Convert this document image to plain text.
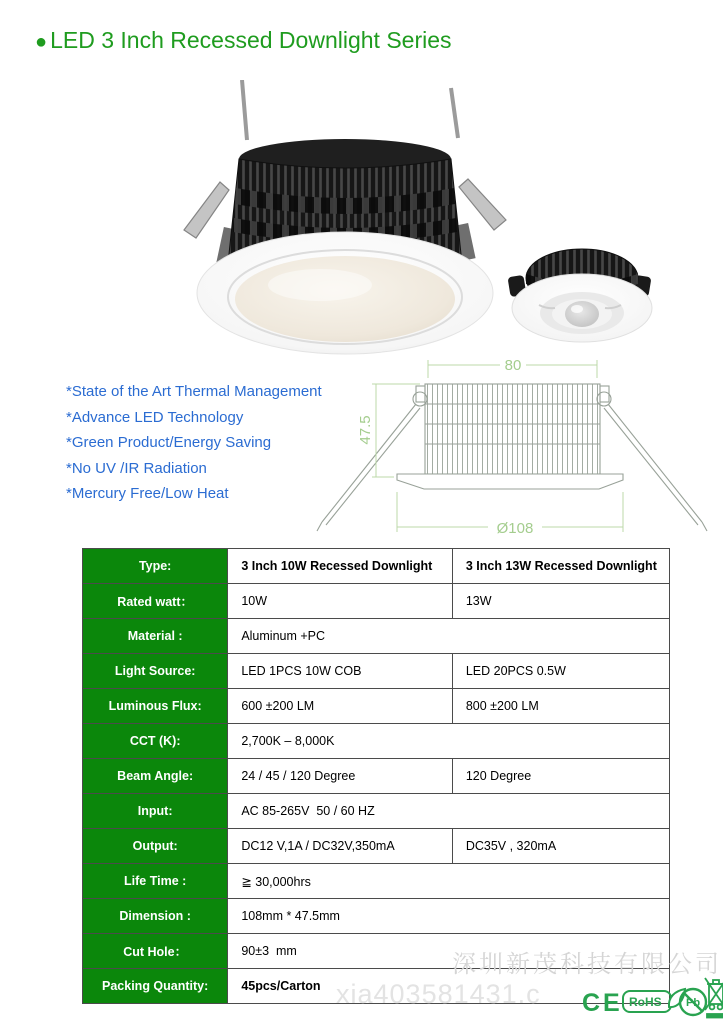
● LED 3 Inch Recessed Downlight Series
*State of the Art Thermal Management
*Advance LED Technology
*Green Product/Energy Saving
*No UV /IR Radiation
*Mercury Free/Low Heat
80
47.5
Ø108
Type:	3 Inch 10W Recessed Downlight	3 Inch 13W Recessed Downlight
Rated watt：	10W	13W
Material :	Aluminum +PC	
Light Source:	LED 1PCS 10W COB	LED 20PCS 0.5W
Luminous Flux:	600 ±200 LM	800 ±200 LM
CCT (K):	2,700K – 8,000K	
Beam Angle:	24 / 45 / 120 Degree	120 Degree
Input:	AC 85-265V  50 / 60 HZ	
Output:	DC12 V,1A / DC32V,350mA	DC35V , 320mA
Life Time :	≧ 30,000hrs	
Dimension :	108mm * 47.5mm	
Cut Hole：	90±3  mm	
Packing Quantity:	45pcs/Carton	
深圳新茂科技有限公司
xia403581431.c CE RoHS Pb
